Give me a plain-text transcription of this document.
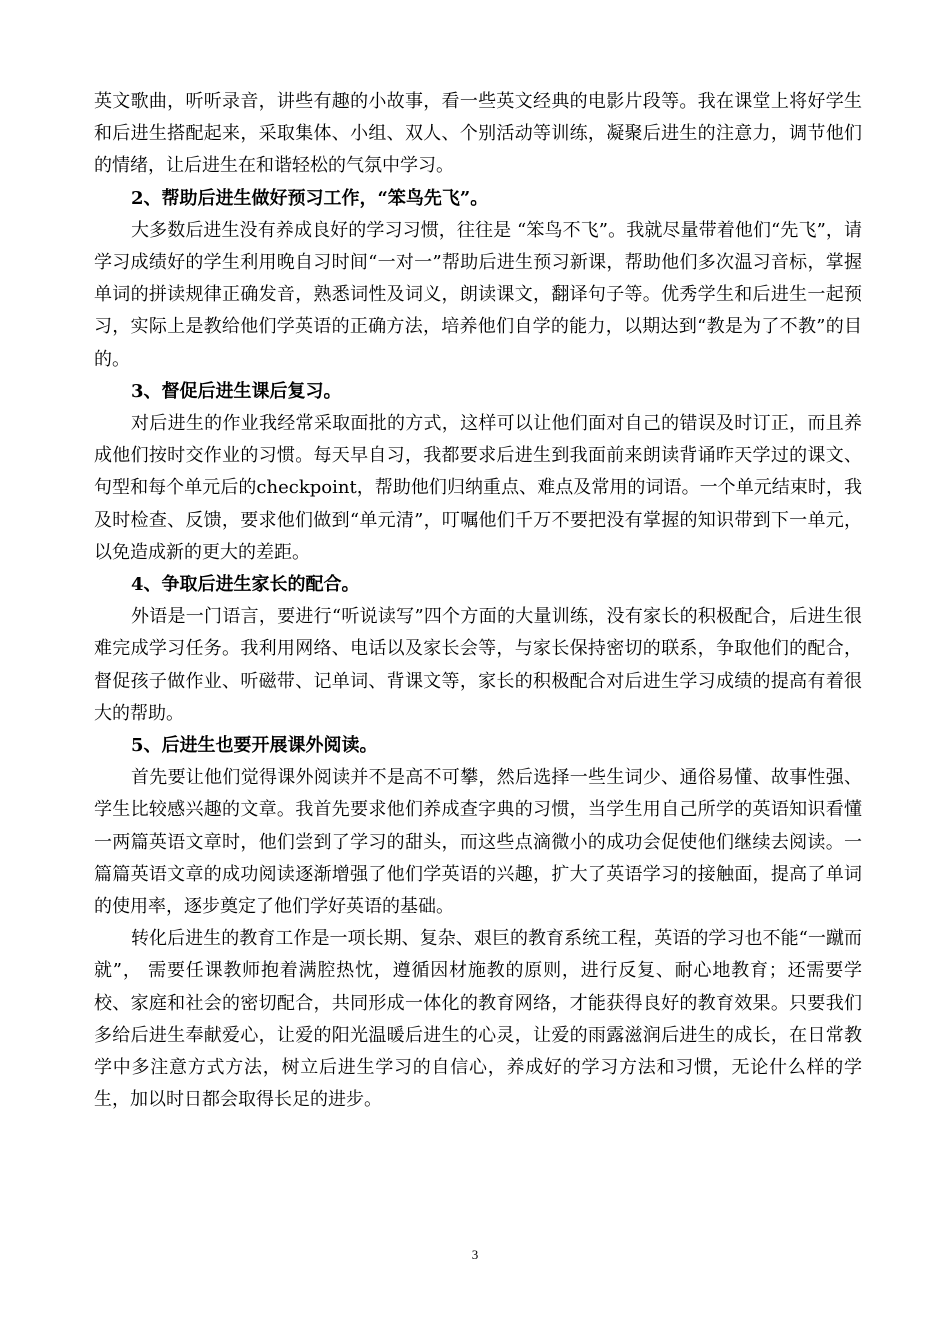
英文歌曲，听听录音，讲些有趣的小故事，看一些英文经典的电影片段等。我在课堂上将好学生和后进生搭配起来，采取集体、小组、双人、个别活动等训练，凝聚后进生的注意力，调节他们的情绪，让后进生在和谐轻松的气氛中学习。

2、帮助后进生做好预习工作，“笨鸟先飞”。

大多数后进生没有养成良好的学习习惯，往往是 “笨鸟不飞”。我就尽量带着他们“先飞”，请学习成绩好的学生利用晚自习时间“一对一”帮助后进生预习新课，帮助他们多次温习音标，掌握单词的拼读规律正确发音，熟悉词性及词义，朗读课文，翻译句子等。优秀学生和后进生一起预习，实际上是教给他们学英语的正确方法，培养他们自学的能力，以期达到“教是为了不教”的目的。

3、督促后进生课后复习。

对后进生的作业我经常采取面批的方式，这样可以让他们面对自己的错误及时订正，而且养成他们按时交作业的习惯。每天早自习，我都要求后进生到我面前来朗读背诵昨天学过的课文、句型和每个单元后的checkpoint，帮助他们归纳重点、难点及常用的词语。一个单元结束时，我及时检查、反馈，要求他们做到“单元清”，叮嘱他们千万不要把没有掌握的知识带到下一单元，以免造成新的更大的差距。

4、争取后进生家长的配合。

外语是一门语言，要进行“听说读写”四个方面的大量训练，没有家长的积极配合，后进生很难完成学习任务。我利用网络、电话以及家长会等，与家长保持密切的联系，争取他们的配合，督促孩子做作业、听磁带、记单词、背课文等，家长的积极配合对后进生学习成绩的提高有着很大的帮助。

5、后进生也要开展课外阅读。

首先要让他们觉得课外阅读并不是高不可攀，然后选择一些生词少、通俗易懂、故事性强、学生比较感兴趣的文章。我首先要求他们养成查字典的习惯，当学生用自己所学的英语知识看懂一两篇英语文章时，他们尝到了学习的甜头，而这些点滴微小的成功会促使他们继续去阅读。一篇篇英语文章的成功阅读逐渐增强了他们学英语的兴趣，扩大了英语学习的接触面，提高了单词的使用率，逐步奠定了他们学好英语的基础。

转化后进生的教育工作是一项长期、复杂、艰巨的教育系统工程，英语的学习也不能“一蹴而就”， 需要任课教师抱着满腔热忱，遵循因材施教的原则，进行反复、耐心地教育；还需要学校、家庭和社会的密切配合，共同形成一体化的教育网络，才能获得良好的教育效果。只要我们多给后进生奉献爱心，让爱的阳光温暖后进生的心灵，让爱的雨露滋润后进生的成长，在日常教学中多注意方式方法，树立后进生学习的自信心，养成好的学习方法和习惯，无论什么样的学生，加以时日都会取得长足的进步。

3
